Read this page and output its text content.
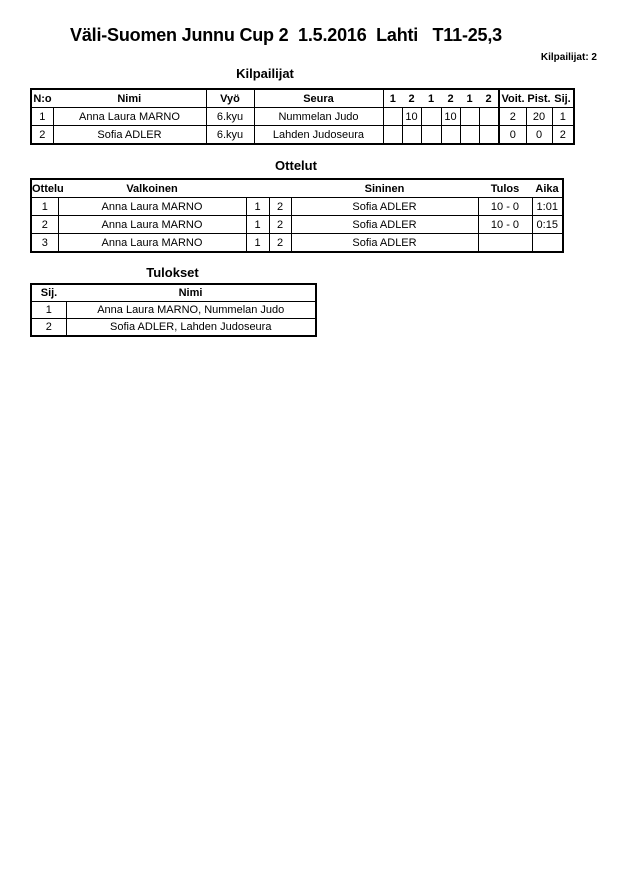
Väli-Suomen Junnu Cup 2  1.5.2016  Lahti   T11-25,3
Kilpailijat: 2
Kilpailijat
N:o	Nimi	Vyö	Seura	1	2	1	2	1	2	Voit.	Pist.	Sij.
1	Anna Laura MARNO	6.kyu	Nummelan Judo		10		10			2	20	1
2	Sofia ADLER	6.kyu	Lahden Judoseura							0	0	2
Ottelut
Ottelu	Valkoinen			Sininen	Tulos	Aika
1	Anna Laura MARNO	1	2	Sofia ADLER	10 - 0	1:01
2	Anna Laura MARNO	1	2	Sofia ADLER	10 - 0	0:15
3	Anna Laura MARNO	1	2	Sofia ADLER		
Tulokset
Sij.	Nimi
1	Anna Laura MARNO, Nummelan Judo
2	Sofia ADLER, Lahden Judoseura
